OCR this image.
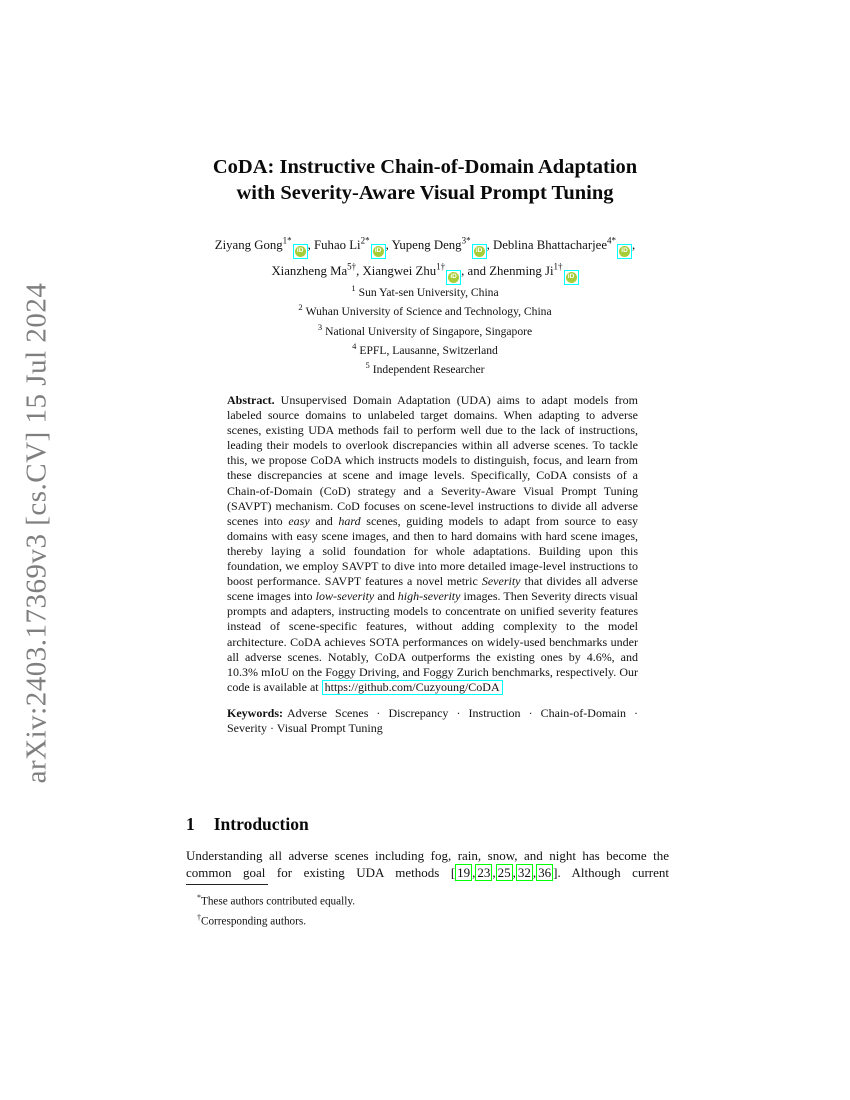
arXiv:2403.17369v3 [cs.CV] 15 Jul 2024
CoDA: Instructive Chain-of-Domain Adaptation
with Severity-Aware Visual Prompt Tuning
Ziyang Gong$^{1*}$iD , Fuhao $Li^{2*}iD$ , Yupeng Deng$^{3*}$iD , Deblina Bhattacharjee$^{4*}$iD ,
Xianzheng $Ma^{5\dagger}$, Xiangwei Zhu$^{1\dagger}$iD , and Zhenming $Ji^{1\dagger}iD$
$^1$ Sun Yat-sen University, China
$^2$ Wuhan University of Science and Technology, China
$^3$ National University of Singapore, Singapore
$^4$ EPFL, Lausanne, Switzerland
$^5$ Independent Researcher

Abstract. Unsupervised Domain Adaptation (UDA) aims to adapt models from labeled source domains to unlabeled target domains. When adapting to adverse scenes, existing UDA methods fail to perform well due to the lack of instructions, leading their models to overlook discrepancies within all adverse scenes. To tackle this, we propose CoDA which instructs models to distinguish, focus, and learn from these discrepancies at scene and image levels. Specifically, CoDA consists of a Chain-of-Domain (CoD) strategy and a Severity-Aware Visual Prompt Tuning (SAVPT) mechanism. CoD focuses on scene-level instructions to divide all adverse scenes into easy and hard scenes, guiding models to adapt from source to easy domains with easy scene images, and then to hard domains with hard scene images, thereby laying a solid foundation for whole adaptations. Building upon this foundation, we employ SAVPT to dive into more detailed image-level instructions to boost performance. SAVPT features a novel metric Severity that divides all adverse scene images into low-severity and high-severity images. Then Severity directs visual prompts and adapters, instructing models to concentrate on unified severity features instead of scene-specific features, without adding complexity to the model architecture. CoDA achieves SOTA performances on widely-used benchmarks under all adverse scenes. Notably, CoDA outperforms the existing ones by 4.6%, and 10.3% mIoU on the Foggy Driving, and Foggy Zurich benchmarks, respectively. Our code is available at https://github.com/Cuzyoung/CoDA

Keywords: Adverse Scenes · Discrepancy · Instruction · Chain-of-Domain · Severity · Visual Prompt Tuning

1 Introduction

Understanding all adverse scenes including fog, rain, snow, and night has become the common goal for existing UDA methods [ 19 , 23 , 25 , 32 , 36 ]. Although current

*These authors contributed equally.
†Corresponding authors.
